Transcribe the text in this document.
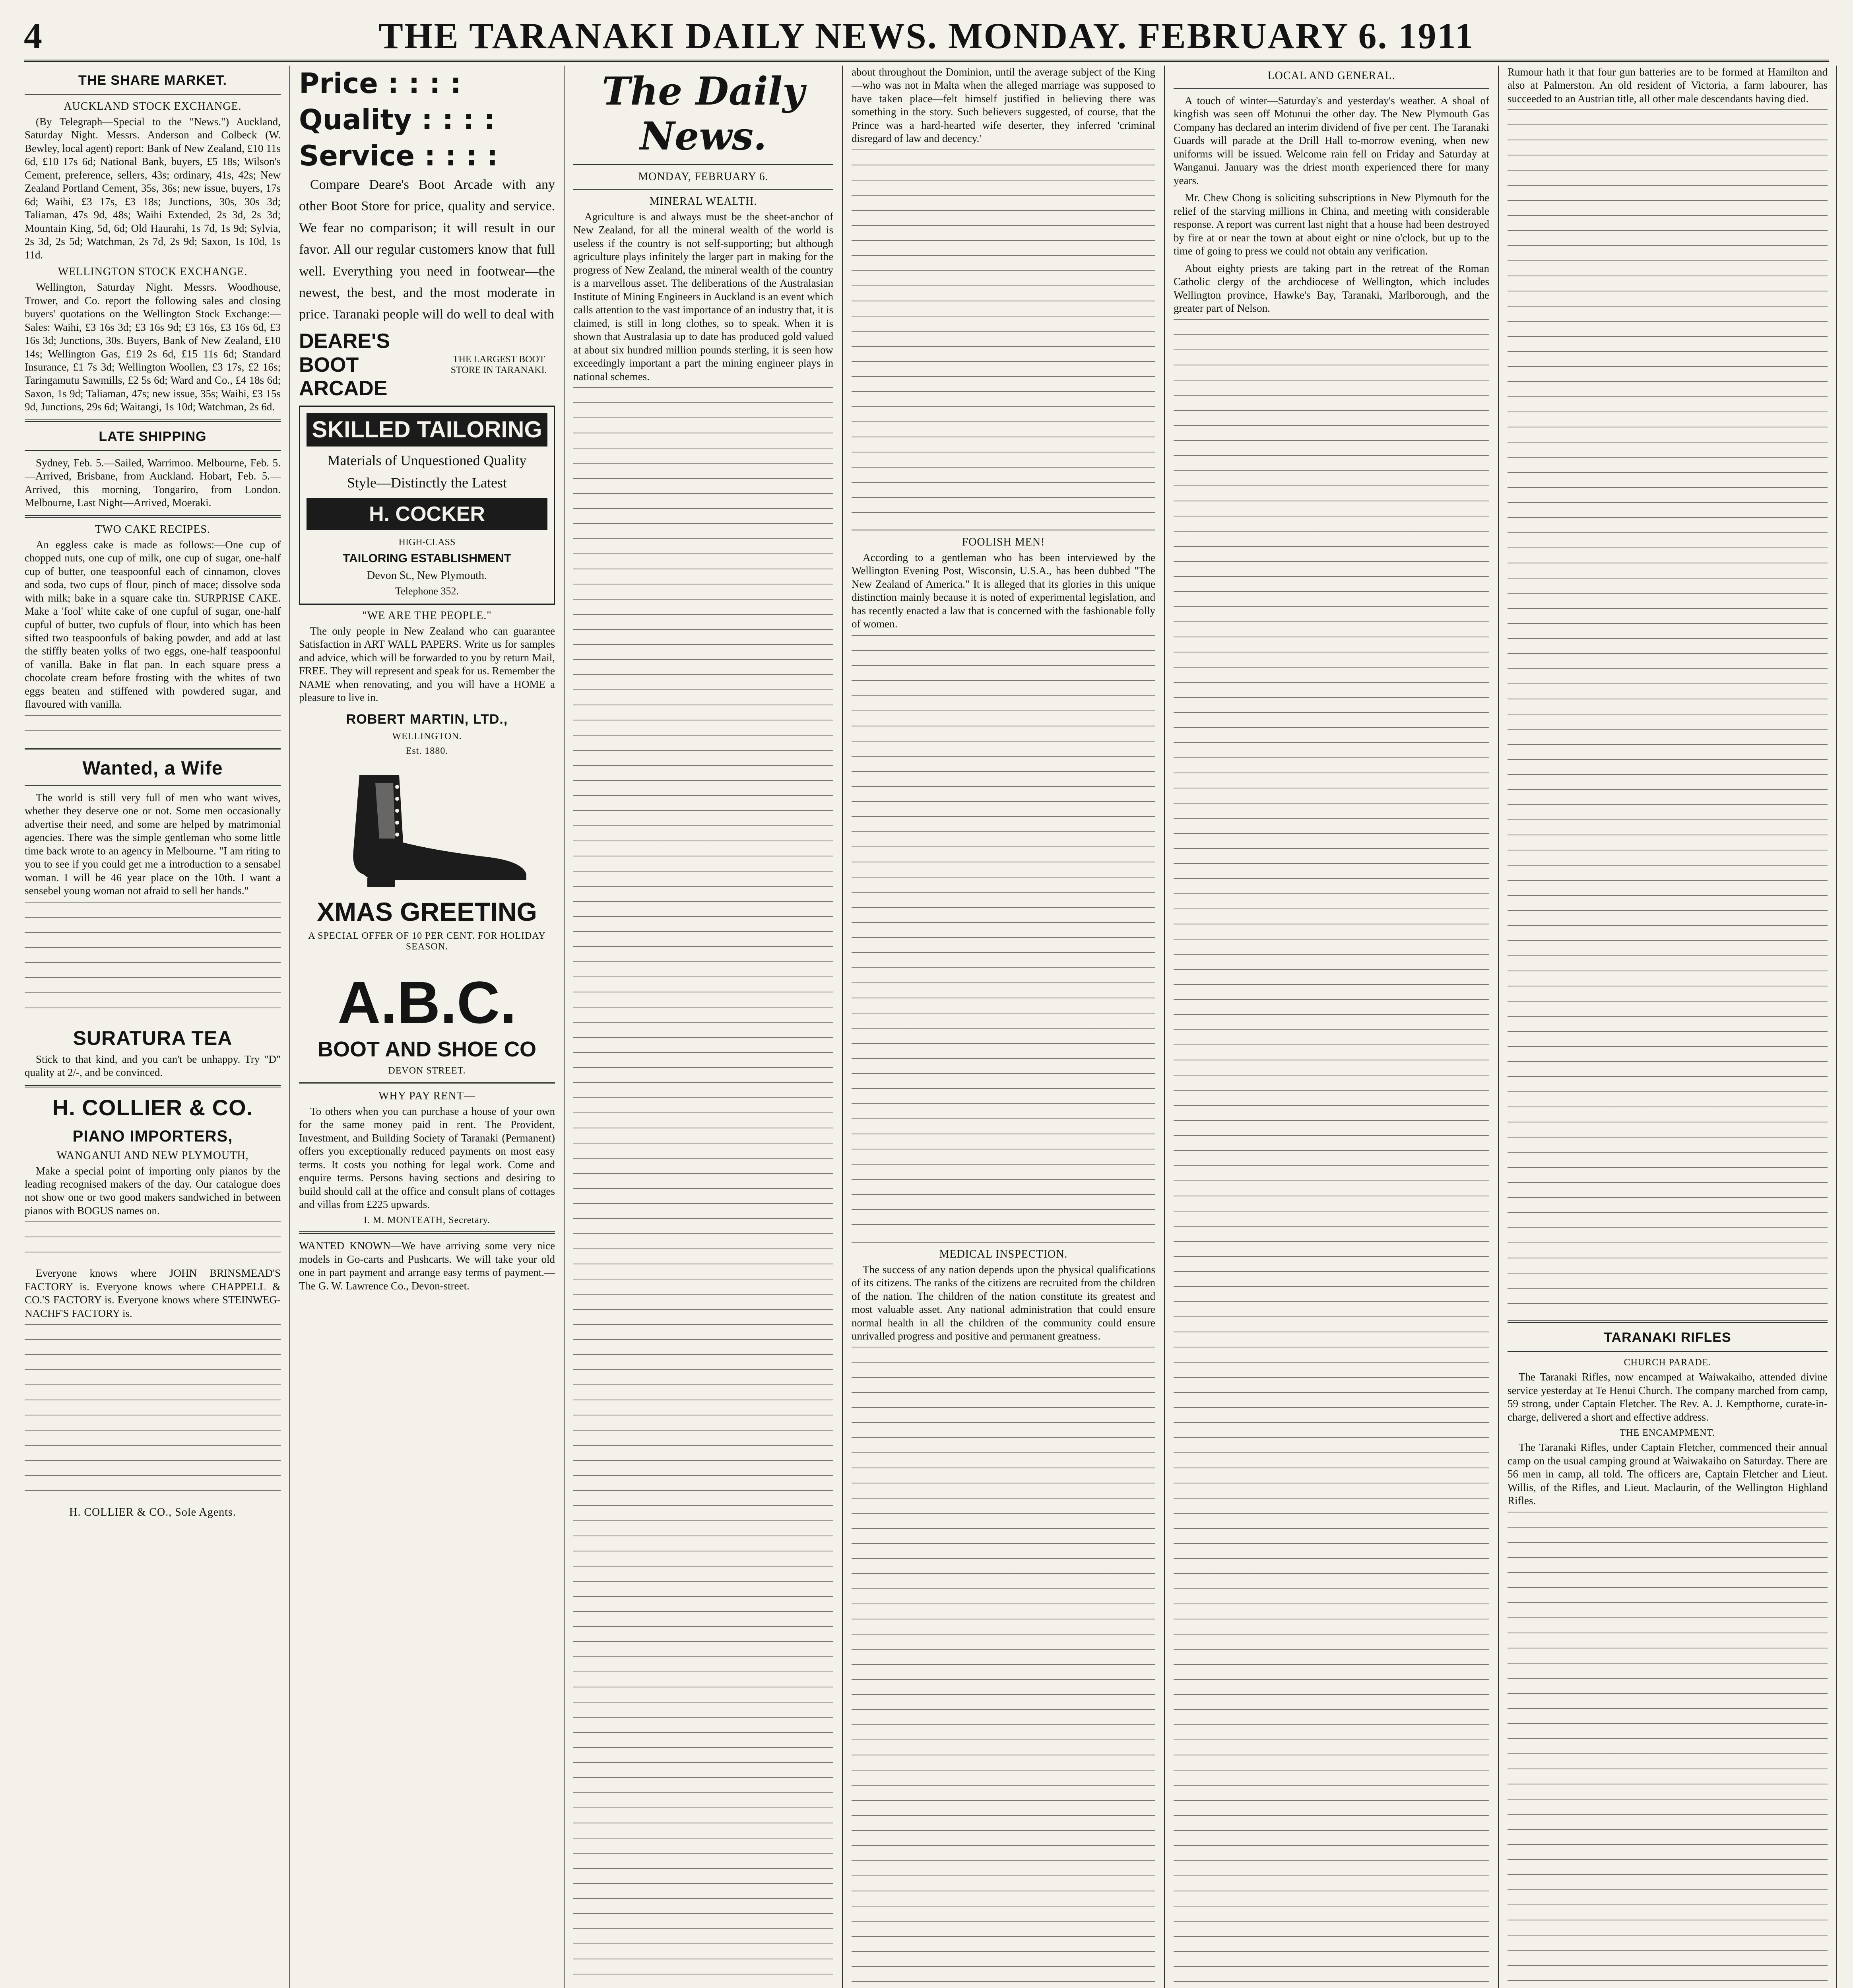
4	THE TARANAKI DAILY NEWS. MONDAY. FEBRUARY 6. 1911
THE SHARE MARKET.
AUCKLAND STOCK EXCHANGE.

(By Telegraph—Special to the "News.") Auckland, Saturday Night. Messrs. Anderson and Colbeck (W. Bewley, local agent) report: Bank of New Zealand, £10 11s 6d, £10 17s 6d; National Bank, buyers, £5 18s; Wilson's Cement, preference, sellers, 43s; ordinary, 41s, 42s; New Zealand Portland Cement, 35s, 36s; new issue, buyers, 17s 6d; Waihi, £3 17s, £3 18s; Junctions, 30s, 30s 3d; Taliaman, 47s 9d, 48s; Waihi Extended, 2s 3d, 2s 3d; Mountain King, 5d, 6d; Old Haurahi, 1s 7d, 1s 9d; Sylvia, 2s 3d, 2s 5d; Watchman, 2s 7d, 2s 9d; Saxon, 1s 10d, 1s 11d.

WELLINGTON STOCK EXCHANGE.

Wellington, Saturday Night. Messrs. Woodhouse, Trower, and Co. report the following sales and closing buyers' quotations on the Wellington Stock Exchange:—Sales: Waihi, £3 16s 3d; £3 16s 9d; £3 16s, £3 16s 6d, £3 16s 3d; Junctions, 30s. Buyers, Bank of New Zealand, £10 14s; Wellington Gas, £19 2s 6d, £15 11s 6d; Standard Insurance, £1 7s 3d; Wellington Woollen, £3 17s, £2 16s; Taringamutu Sawmills, £2 5s 6d; Ward and Co., £4 18s 6d; Saxon, 1s 9d; Taliaman, 47s; new issue, 35s; Waihi, £3 15s 9d, Junctions, 29s 6d; Waitangi, 1s 10d; Watchman, 2s 6d.

LATE SHIPPING

Sydney, Feb. 5.—Sailed, Warrimoo. Melbourne, Feb. 5.—Arrived, Brisbane, from Auckland. Hobart, Feb. 5.—Arrived, this morning, Tongariro, from London. Melbourne, Last Night—Arrived, Moeraki.

TWO CAKE RECIPES.

An eggless cake is made as follows:—One cup of chopped nuts, one cup of milk, one cup of sugar, one-half cup of butter, one teaspoonful each of cinnamon, cloves and soda, two cups of flour, pinch of mace; dissolve soda with milk; bake in a square cake tin. SURPRISE CAKE. Make a 'fool' white cake of one cupful of sugar, one-half cupful of butter, two cupfuls of flour, into which has been sifted two teaspoonfuls of baking powder, and add at last the stiffly beaten yolks of two eggs, one-half teaspoonful of vanilla. Bake in flat pan. In each square press a chocolate cream before frosting with the whites of two eggs beaten and stiffened with powdered sugar, and flavoured with vanilla.

Wanted, a Wife

The world is still very full of men who want wives, whether they deserve one or not. Some men occasionally advertise their need, and some are helped by matrimonial agencies. There was the simple gentleman who some little time back wrote to an agency in Melbourne. "I am riting to you to see if you could get me a introduction to a sensabel woman. I will be 46 year place on the 10th. I want a sensebel young woman not afraid to sell her hands."

SURATURA TEA

Stick to that kind, and you can't be unhappy. Try "D" quality at 2/-, and be convinced.

H. COLLIER & CO.
PIANO IMPORTERS,
WANGANUI AND NEW PLYMOUTH,

Make a special point of importing only pianos by the leading recognised makers of the day. Our catalogue does not show one or two good makers sandwiched in between pianos with BOGUS names on.

Everyone knows where JOHN BRINSMEAD'S FACTORY is. Everyone knows where CHAPPELL & CO.'S FACTORY is. Everyone knows where STEINWEG-NACHF'S FACTORY is.

H. COLLIER & CO., Sole Agents.
Price : : : :
Quality : : : :
Service : : : :

Compare Deare's Boot Arcade with any other Boot Store for price, quality and service. We fear no comparison; it will result in our favor. All our regular customers know that full well. Everything you need in footwear—the newest, the best, and the most moderate in price. Taranaki people will do well to deal with

DEARE'S BOOT ARCADE
THE LARGEST BOOT STORE IN TARANAKI.
SKILLED TAILORING
Materials of Unquestioned Quality
Style—Distinctly the Latest
H. COCKER
HIGH-CLASS
TAILORING ESTABLISHMENT
Devon St., New Plymouth.
Telephone 352.
"WE ARE THE PEOPLE."

The only people in New Zealand who can guarantee Satisfaction in ART WALL PAPERS. Write us for samples and advice, which will be forwarded to you by return Mail, FREE. They will represent and speak for us. Remember the NAME when renovating, and you will have a HOME a pleasure to live in.

ROBERT MARTIN, LTD.,
WELLINGTON.
Est. 1880.
XMAS GREETING
A SPECIAL OFFER OF 10 PER CENT. FOR HOLIDAY SEASON.
A.B.C.
BOOT AND SHOE CO
DEVON STREET.
WHY PAY RENT—

To others when you can purchase a house of your own for the same money paid in rent. The Provident, Investment, and Building Society of Taranaki (Permanent) offers you exceptionally reduced payments on most easy terms. It costs you nothing for legal work. Come and enquire terms. Persons having sections and desiring to build should call at the office and consult plans of cottages and villas from £225 upwards.

I. M. MONTEATH, Secretary.

WANTED KNOWN—We have arriving some very nice models in Go-carts and Pushcarts. We will take your old one in part payment and arrange easy terms of payment.—The G. W. Lawrence Co., Devon-street.

The Daily News.
MONDAY, FEBRUARY 6.
MINERAL WEALTH.

Agriculture is and always must be the sheet-anchor of New Zealand, for all the mineral wealth of the world is useless if the country is not self-supporting; but although agriculture plays infinitely the larger part in making for the progress of New Zealand, the mineral wealth of the country is a marvellous asset. The deliberations of the Australasian Institute of Mining Engineers in Auckland is an event which calls attention to the vast importance of an industry that, it is claimed, is still in long clothes, so to speak. When it is shown that Australasia up to date has produced gold valued at about six hundred million pounds sterling, it is seen how exceedingly important a part the mining engineer plays in national schemes.

about throughout the Dominion, until the average subject of the King—who was not in Malta when the alleged marriage was supposed to have taken place—felt himself justified in believing there was something in the story. Such believers suggested, of course, that the Prince was a hard-hearted wife deserter, they inferred 'criminal disregard of law and decency.'

FOOLISH MEN!

According to a gentleman who has been interviewed by the Wellington Evening Post, Wisconsin, U.S.A., has been dubbed "The New Zealand of America." It is alleged that its glories in this unique distinction mainly because it is noted of experimental legislation, and has recently enacted a law that is concerned with the fashionable folly of women.

MEDICAL INSPECTION.

The success of any nation depends upon the physical qualifications of its citizens. The ranks of the citizens are recruited from the children of the nation. The children of the nation constitute its greatest and most valuable asset. Any national administration that could ensure normal health in all the children of the community could ensure unrivalled progress and positive and permanent greatness.

LOCAL AND GENERAL.

A touch of winter—Saturday's and yesterday's weather. A shoal of kingfish was seen off Motunui the other day. The New Plymouth Gas Company has declared an interim dividend of five per cent. The Taranaki Guards will parade at the Drill Hall to-morrow evening, when new uniforms will be issued. Welcome rain fell on Friday and Saturday at Wanganui. January was the driest month experienced there for many years.

Mr. Chew Chong is soliciting subscriptions in New Plymouth for the relief of the starving millions in China, and meeting with considerable response. A report was current last night that a house had been destroyed by fire at or near the town at about eight or nine o'clock, but up to the time of going to press we could not obtain any verification.

About eighty priests are taking part in the retreat of the Roman Catholic clergy of the archdiocese of Wellington, which includes Wellington province, Hawke's Bay, Taranaki, Marlborough, and the greater part of Nelson.

Rumour hath it that four gun batteries are to be formed at Hamilton and also at Palmerston. An old resident of Victoria, a farm labourer, has succeeded to an Austrian title, all other male descendants having died.

TARANAKI RIFLES
CHURCH PARADE.

The Taranaki Rifles, now encamped at Waiwakaiho, attended divine service yesterday at Te Henui Church. The company marched from camp, 59 strong, under Captain Fletcher. The Rev. A. J. Kempthorne, curate-in-charge, delivered a short and effective address.

THE ENCAMPMENT.

The Taranaki Rifles, under Captain Fletcher, commenced their annual camp on the usual camping ground at Waiwakaiho on Saturday. There are 56 men in camp, all told. The officers are, Captain Fletcher and Lieut. Willis, of the Rifles, and Lieut. Maclaurin, of the Wellington Highland Rifles.
